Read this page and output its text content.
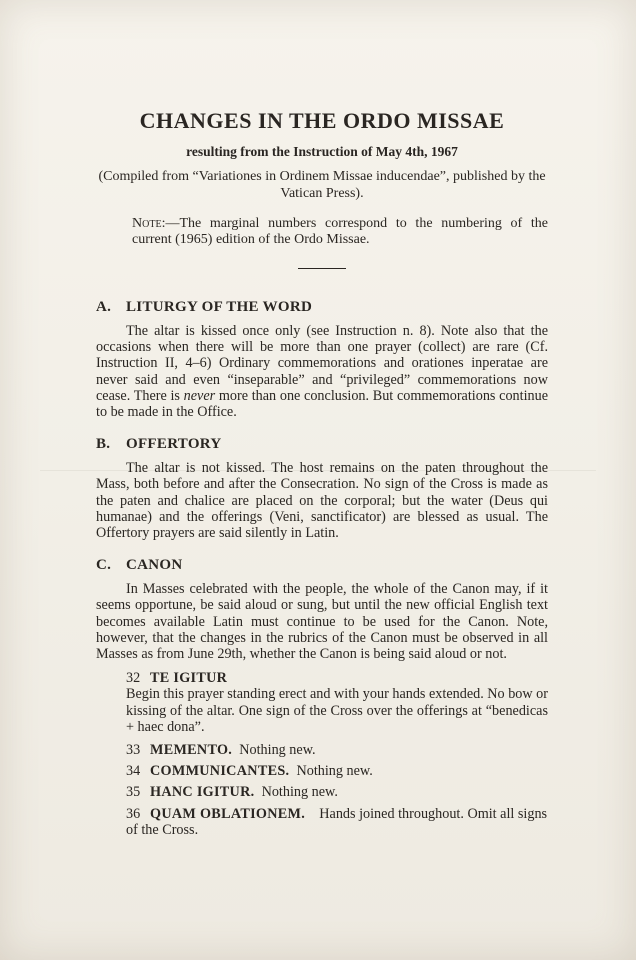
CHANGES IN THE ORDO MISSAE

resulting from the Instruction of May 4th, 1967

(Compiled from “Variationes in Ordinem Missae inducendae”, published by the Vatican Press).

Note:—The marginal numbers correspond to the numbering of the current (1965) edition of the Ordo Missae.

A. LITURGY OF THE WORD

The altar is kissed once only (see Instruction n. 8). Note also that the occasions when there will be more than one prayer (collect) are rare (Cf. Instruction II, 4–6) Ordinary commemorations and orationes inperatae are never said and even “inseparable” and “privileged” commemorations now cease. There is never more than one conclusion. But commemorations continue to be made in the Office.

B. OFFERTORY

The altar is not kissed. The host remains on the paten throughout the Mass, both before and after the Consecration. No sign of the Cross is made as the paten and chalice are placed on the corporal; but the water (Deus qui humanae) and the offerings (Veni, sanctificator) are blessed as usual. The Offertory prayers are said silently in Latin.

C. CANON

In Masses celebrated with the people, the whole of the Canon may, if it seems opportune, be said aloud or sung, but until the new official English text becomes available Latin must continue to be used for the Canon. Note, however, that the changes in the rubrics of the Canon must be observed in all Masses as from June 29th, whether the Canon is being said aloud or not.

32 TE IGITUR
Begin this prayer standing erect and with your hands extended. No bow or kissing of the altar. One sign of the Cross over the offerings at “benedicas + haec dona”.
33 MEMENTO. Nothing new.
34 COMMUNICANTES. Nothing new.
35 HANC IGITUR. Nothing new.
36 QUAM OBLATIONEM. Hands joined throughout. Omit all signs of the Cross.
